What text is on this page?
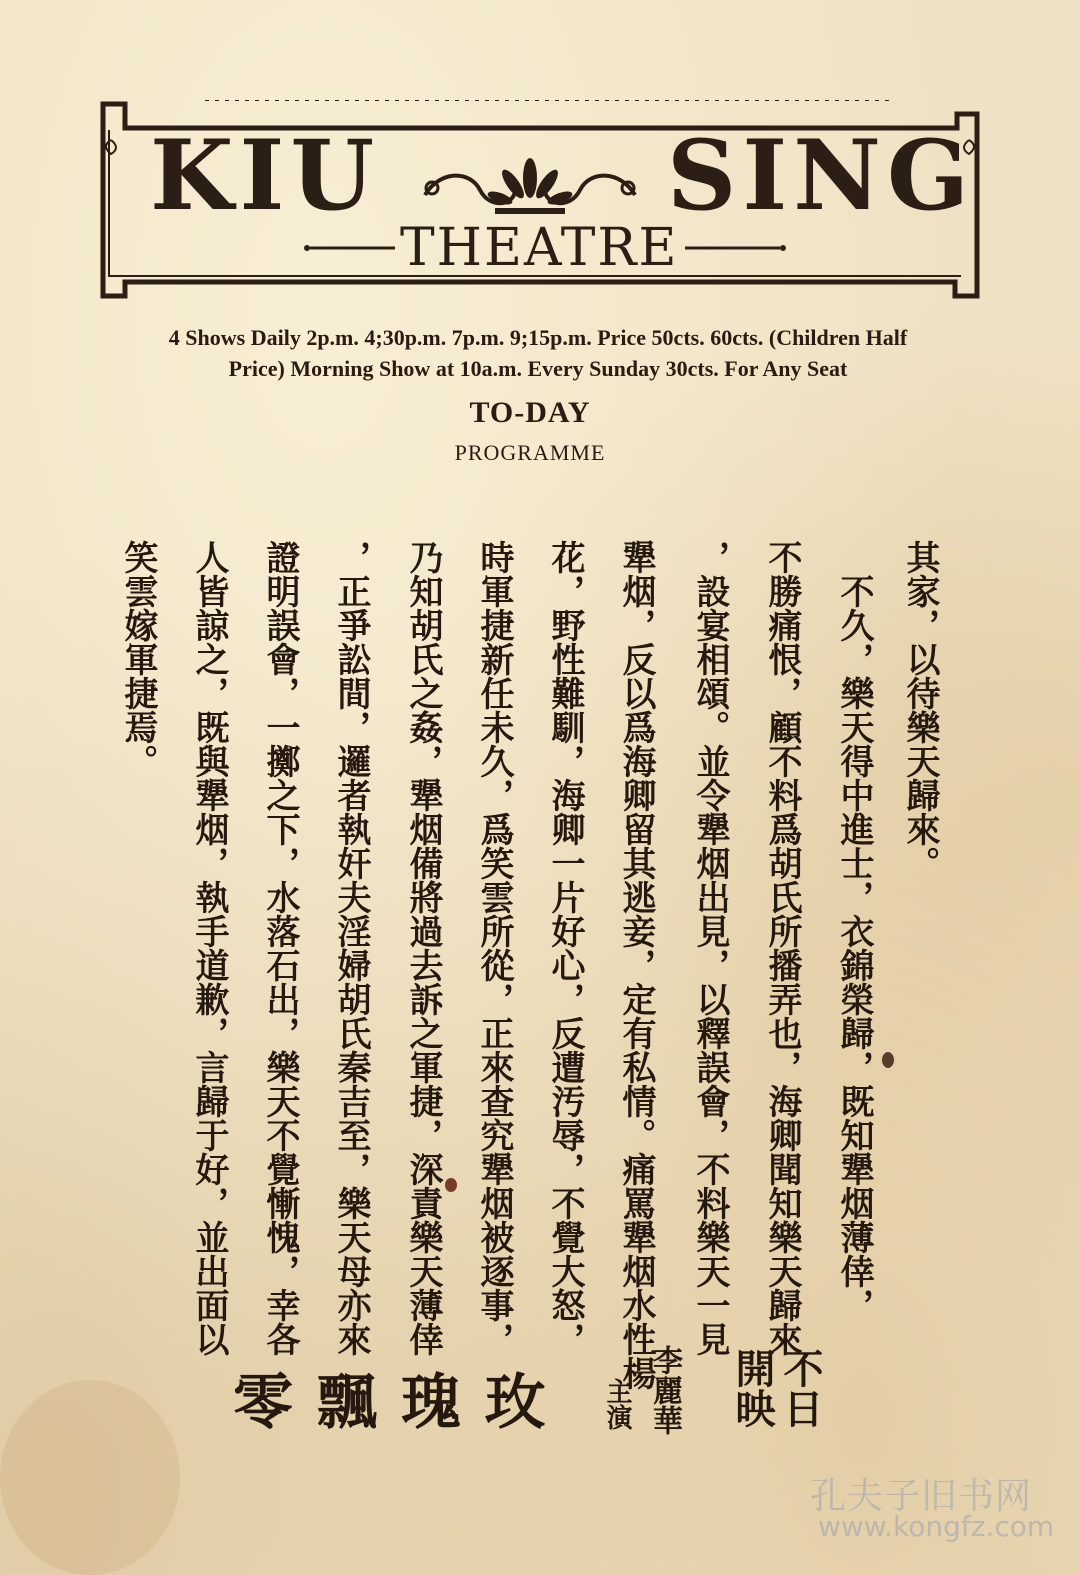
KIU	SING
THEATRE
4 Shows Daily 2p.m. 4;30p.m. 7p.m. 9;15p.m. Price 50cts. 60cts. (Children Half
Price) Morning Show at 10a.m. Every Sunday 30cts. For Any Seat
TO-DAY
PROGRAMME
其家，以待樂天歸來。
　不久，樂天得中進士，衣錦榮歸，既知犟烟薄倖，
不勝痛恨，顧不料爲胡氏所播弄也，海卿聞知樂天歸來
，設宴相頌。並令犟烟出見，以釋誤會，不料樂天一見
犟烟，反以爲海卿留其逃妾，定有私情。痛罵犟烟水性楊
花，野性難馴，海卿一片好心，反遭汚辱，不覺大怒，
時軍捷新任未久，爲笑雲所從，正來查究犟烟被逐事，
乃知胡氏之姦，犟烟備將過去訴之軍捷，深責樂天薄倖
，正爭訟間，邏者執奸夫淫婦胡氏秦吉至，樂天母亦來
證明誤會，一擲之下，水落石出，樂天不覺慚愧，幸各
人皆諒之，既與犟烟，執手道歉，言歸于好，並出面以
笑雲嫁軍捷焉。
不日
開映
李麗華
主演
玫瑰飄零
孔夫子旧书网
www.kongfz.com
